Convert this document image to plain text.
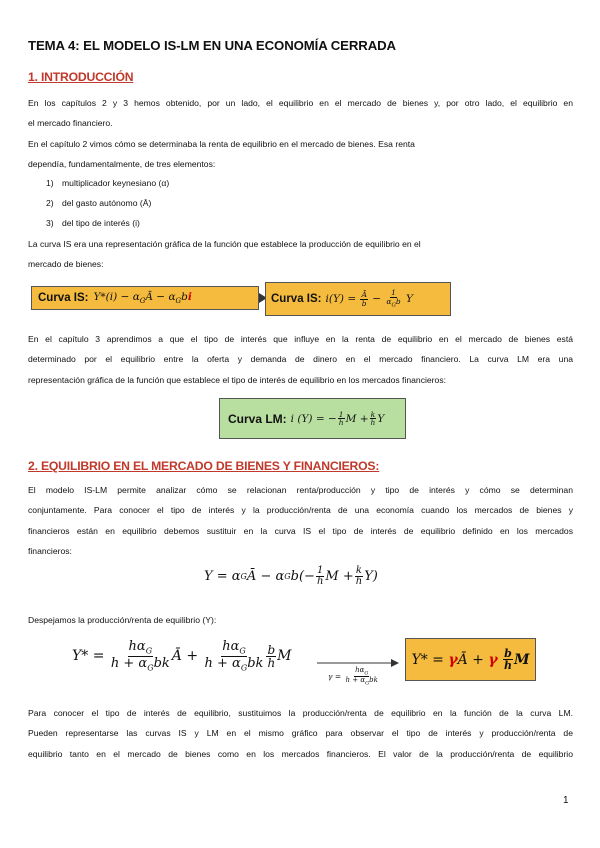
TEMA 4: EL MODELO IS-LM EN UNA ECONOMÍA CERRADA
1. INTRODUCCIÓN
En los capítulos 2 y 3 hemos obtenido, por un lado, el equilibrio en el mercado de bienes y, por otro lado, el equilibrio en
el mercado financiero.
En el capítulo 2 vimos cómo se determinaba la renta de equilibrio en el mercado de bienes. Esa renta
dependía, fundamentalmente, de tres elementos:
1) multiplicador keynesiano (α)
2) del gasto autónomo (Ā)
3) del tipo de interés (i)
La curva IS era una representación gráfica de la función que establece la producción de equilibrio en el
mercado de bienes:
Curva IS: $Y*(i) - \alpha_GĀ - \alpha_Gbi$	Curva IS: $i(Y) = \frac{Ā}{b} - \frac{1}{\alpha_Gb}$ Y
En el capítulo 3 aprendimos a que el tipo de interés que influye en la renta de equilibrio en el mercado de bienes está
determinado por el equilibrio entre la oferta y demanda de dinero en el mercado financiero. La curva LM era una
representación gráfica de la función que establece el tipo de interés de equilibrio en los mercados financieros:
Curva LM: i (Y) = − $\frac{1}{h}$ $M + \frac{k}{h}$ Y
2. EQUILIBRIO EN EL MERCADO DE BIENES Y FINANCIEROS:
El modelo IS-LM permite analizar cómo se relacionan renta/producción y tipo de interés y cómo se determinan
conjuntamente. Para conocer el tipo de interés y la producción/renta de una economía cuando los mercados de bienes y
financieros están en equilibrio debemos sustituir en la curva IS el tipo de interés de equilibrio definido en los mercados
financieros:
Y = α G Ā − α G $b(- \frac{1}{h}$ $M + \frac{k}{h} Y$)
Despejamos la producción/renta de equilibrio (Y):
$Y* = \frac{h\alpha_G}{h + \alpha_Gbk}$ Ā + $\frac{h\alpha_G}{h + \alpha_Gbk} \frac{b}{h}$ M
$\gamma = \frac{h\alpha_G}{h + \alpha_Gbk}$
Y* = γ Ā + γ
$\frac{b}{h}$ M
Para conocer el tipo de interés de equilibrio, sustituimos la producción/renta de equilibrio en la función de la curva LM.
Pueden representarse las curvas IS y LM en el mismo gráfico para observar el tipo de interés y producción/renta de
equilibrio tanto en el mercado de bienes como en los mercados financieros. El valor de la producción/renta de equilibrio
1
